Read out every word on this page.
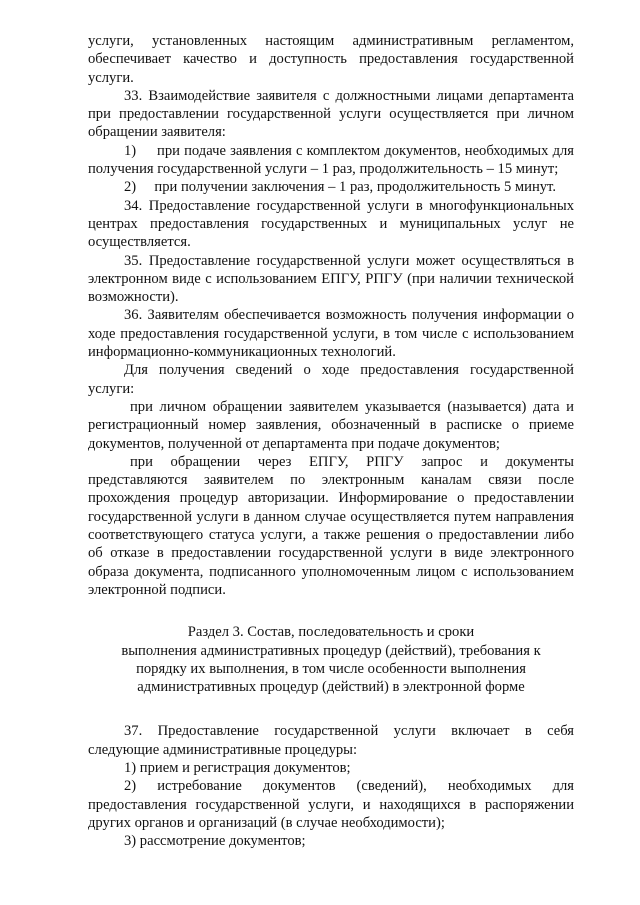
услуги, установленных настоящим административным регламентом, обеспечивает качество и доступность предоставления государственной услуги.

33. Взаимодействие заявителя с должностными лицами департамента при предоставлении государственной услуги осуществляется при личном обращении заявителя:

1)     при подаче заявления с комплектом документов, необходимых для получения государственной услуги – 1 раз, продолжительность – 15 минут;

2)     при получении заключения – 1 раз, продолжительность 5 минут.

34. Предоставление государственной услуги в многофункциональных центрах предоставления государственных и муниципальных услуг не осуществляется.

35. Предоставление государственной услуги может осуществляться в электронном виде с использованием ЕПГУ, РПГУ (при наличии технической возможности).

36. Заявителям обеспечивается возможность получения информации о ходе предоставления государственной услуги, в том числе с использованием информационно-коммуникационных технологий.

Для получения сведений о ходе предоставления государственной услуги:

при личном обращении заявителем указывается (называется) дата и регистрационный номер заявления, обозначенный в расписке о приеме документов, полученной от департамента при подаче документов;

при обращении через ЕПГУ, РПГУ запрос и документы представляются заявителем по электронным каналам связи после прохождения процедур авторизации. Информирование о предоставлении государственной услуги в данном случае осуществляется путем направления соответствующего статуса услуги, а также решения о предоставлении либо об отказе в предоставлении государственной услуги в виде электронного образа документа, подписанного уполномоченным лицом с использованием электронной подписи.

Раздел 3. Состав, последовательность и сроки
выполнения административных процедур (действий), требования к
порядку их выполнения, в том числе особенности выполнения
административных процедур (действий) в электронной форме

37. Предоставление государственной услуги включает в себя следующие административные процедуры:

1) прием и регистрация документов;

2) истребование документов (сведений), необходимых для предоставления государственной услуги, и находящихся в распоряжении других органов и организаций (в случае необходимости);

3) рассмотрение документов;
